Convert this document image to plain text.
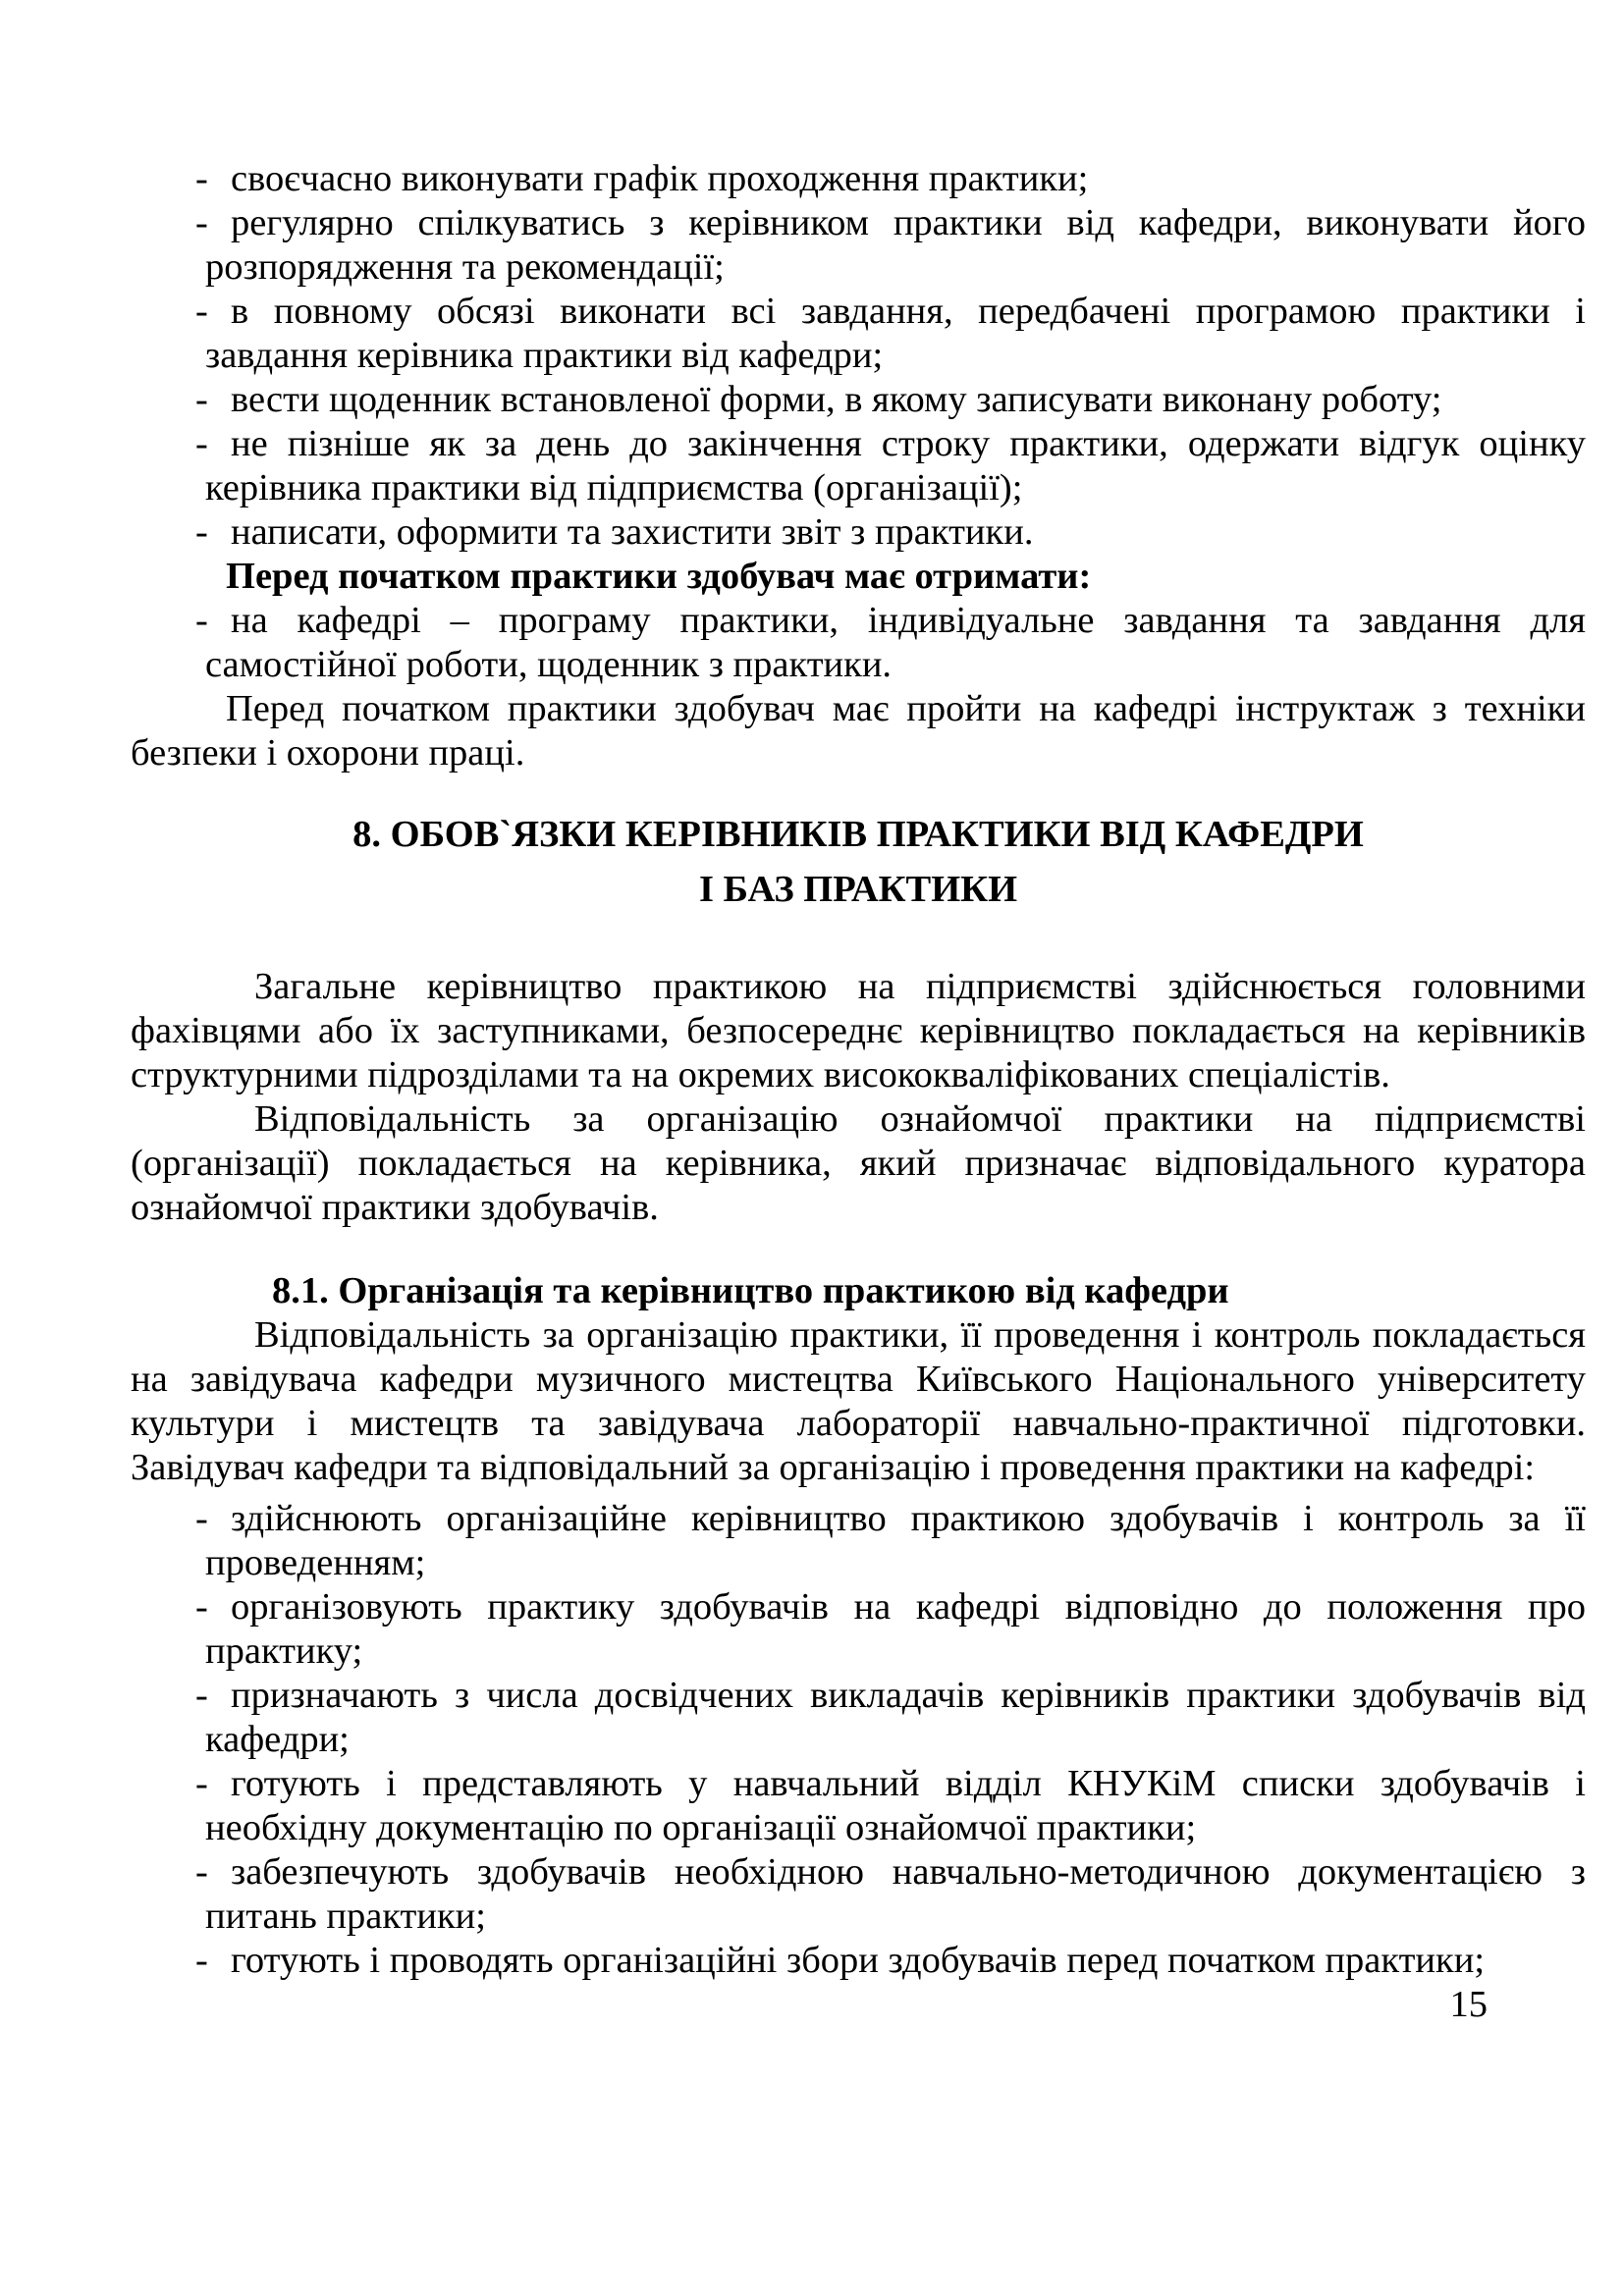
- своєчасно виконувати графік проходження практики;
- регулярно спілкуватись з керівником практики від кафедри, виконувати його розпорядження та рекомендації;
- в повному обсязі виконати всі завдання, передбачені програмою практики і завдання керівника практики від кафедри;
- вести щоденник встановленої форми, в якому записувати виконану роботу;
- не пізніше як за день до закінчення строку практики, одержати відгук оцінку керівника практики від підприємства (організації);
- написати, оформити та захистити звіт з практики.

Перед початком практики здобувач має отримати:

- на кафедрі – програму практики, індивідуальне завдання та завдання для самостійної роботи, щоденник з практики.

Перед початком практики здобувач має пройти на кафедрі інструктаж з техніки безпеки і охорони праці.

8. ОБОВ`ЯЗКИ КЕРІВНИКІВ ПРАКТИКИ ВІД КАФЕДРИ
І БАЗ ПРАКТИКИ

Загальне керівництво практикою на підприємстві здійснюється головними фахівцями або їх заступниками, безпосереднє керівництво покладається на керівників структурними підрозділами та на окремих висококваліфікованих спеціалістів.

Відповідальність за організацію ознайомчої практики на підприємстві (організації) покладається на керівника, який призначає відповідального куратора ознайомчої практики здобувачів.

8.1. Організація та керівництво практикою від кафедри

Відповідальність за організацію практики, її проведення і контроль покладається на завідувача кафедри музичного мистецтва Київського Національного університету культури і мистецтв та завідувача лабораторії навчально-практичної підготовки. Завідувач кафедри та відповідальний за організацію і проведення практики на кафедрі:

- здійснюють організаційне керівництво практикою здобувачів і контроль за її проведенням;
- організовують практику здобувачів на кафедрі відповідно до положення про практику;
- призначають з числа досвідчених викладачів керівників практики здобувачів від кафедри;
- готують і представляють у навчальний відділ КНУКіМ списки здобувачів і необхідну документацію по організації ознайомчої практики;
- забезпечують здобувачів необхідною навчально-методичною документацією з питань практики;
- готують і проводять організаційні збори здобувачів перед початком практики;
15
